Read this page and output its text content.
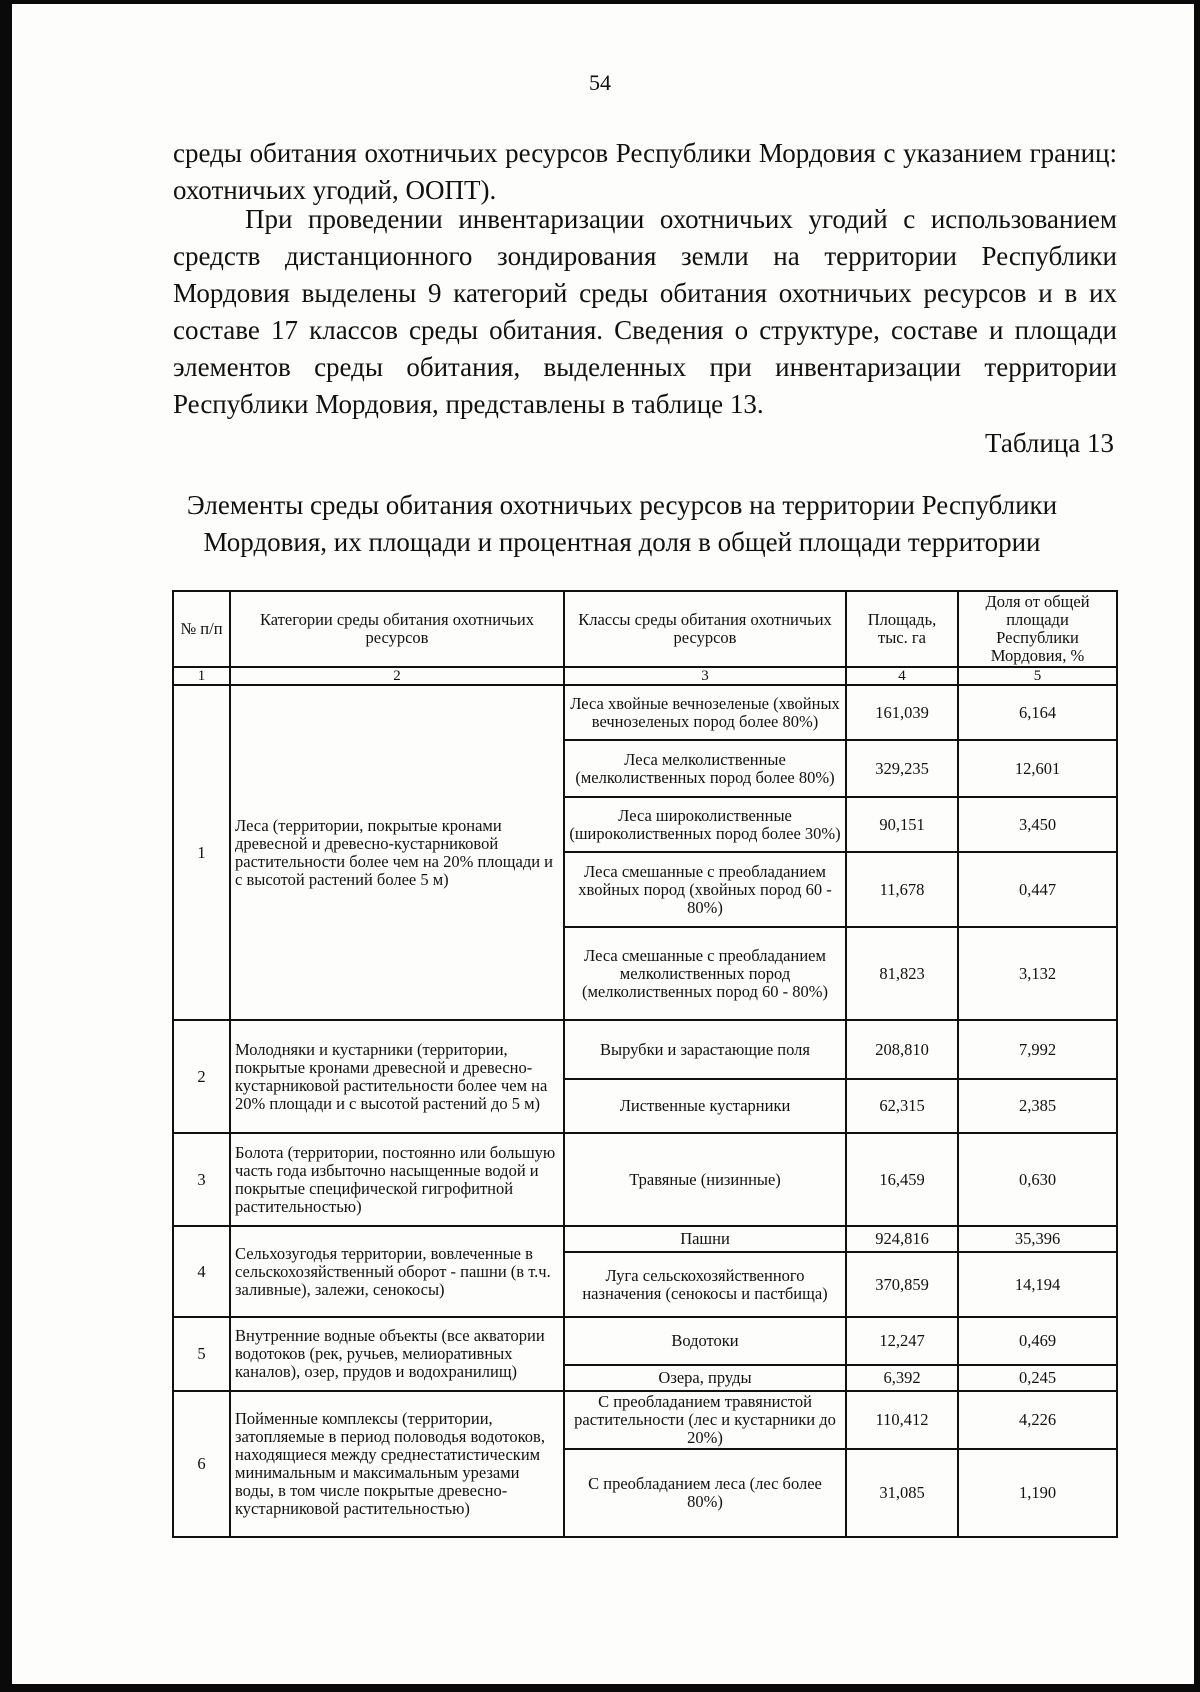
54
среды обитания охотничьих ресурсов Республики Мордовия с указанием границ: охотничьих угодий, ООПТ).
При проведении инвентаризации охотничьих угодий с использованием средств дистанционного зондирования земли на территории Республики Мордовия выделены 9 категорий среды обитания охотничьих ресурсов и в их составе 17 классов среды обитания. Сведения о структуре, составе и площади элементов среды обитания, выделенных при инвентаризации территории Республики Мордовия, представлены в таблице 13.
Таблица 13
Элементы среды обитания охотничьих ресурсов на территории Республики Мордовия, их площади и процентная доля в общей площади территории
№ п/п	Категории среды обитания охотничьих ресурсов	Классы среды обитания охотничьих ресурсов	Площадь, тыс. га	Доля от общей площади Республики Мордовия, %
1	2	3	4	5
1	Леса (территории, покрытые кронами древесной и древесно-кустарниковой растительности более чем на 20% площади и с высотой растений более 5 м)	Леса хвойные вечнозеленые (хвойных вечнозеленых пород более 80%)	161,039	6,164
		Леса мелколиственные (мелколиственных пород более 80%)	329,235	12,601
		Леса широколиственные (широколиственных пород более 30%)	90,151	3,450
		Леса смешанные с преобладанием хвойных пород (хвойных пород 60 - 80%)	11,678	0,447
		Леса смешанные с преобладанием мелколиственных пород (мелколиственных пород 60 - 80%)	81,823	3,132
2	Молодняки и кустарники (территории, покрытые кронами древесной и древесно-кустарниковой растительности более чем на 20% площади и с высотой растений до 5 м)	Вырубки и зарастающие поля	208,810	7,992
		Лиственные кустарники	62,315	2,385
3	Болота (территории, постоянно или большую часть года избыточно насыщенные водой и покрытые специфической гигрофитной растительностью)	Травяные (низинные)	16,459	0,630
4	Сельхозугодья территории, вовлеченные в сельскохозяйственный оборот - пашни (в т.ч. заливные), залежи, сенокосы)	Пашни	924,816	35,396
		Луга сельскохозяйственного назначения (сенокосы и пастбища)	370,859	14,194
5	Внутренние водные объекты (все акватории водотоков (рек, ручьев, мелиоративных каналов), озер, прудов и водохранилищ)	Водотоки	12,247	0,469
		Озера, пруды	6,392	0,245
6	Пойменные комплексы (территории, затопляемые в период половодья водотоков, находящиеся между среднестатистическим минимальным и максимальным урезами воды, в том числе покрытые древесно-кустарниковой растительностью)	С преобладанием травянистой растительности (лес и кустарники до 20%)	110,412	4,226
		С преобладанием леса (лес более 80%)	31,085	1,190
